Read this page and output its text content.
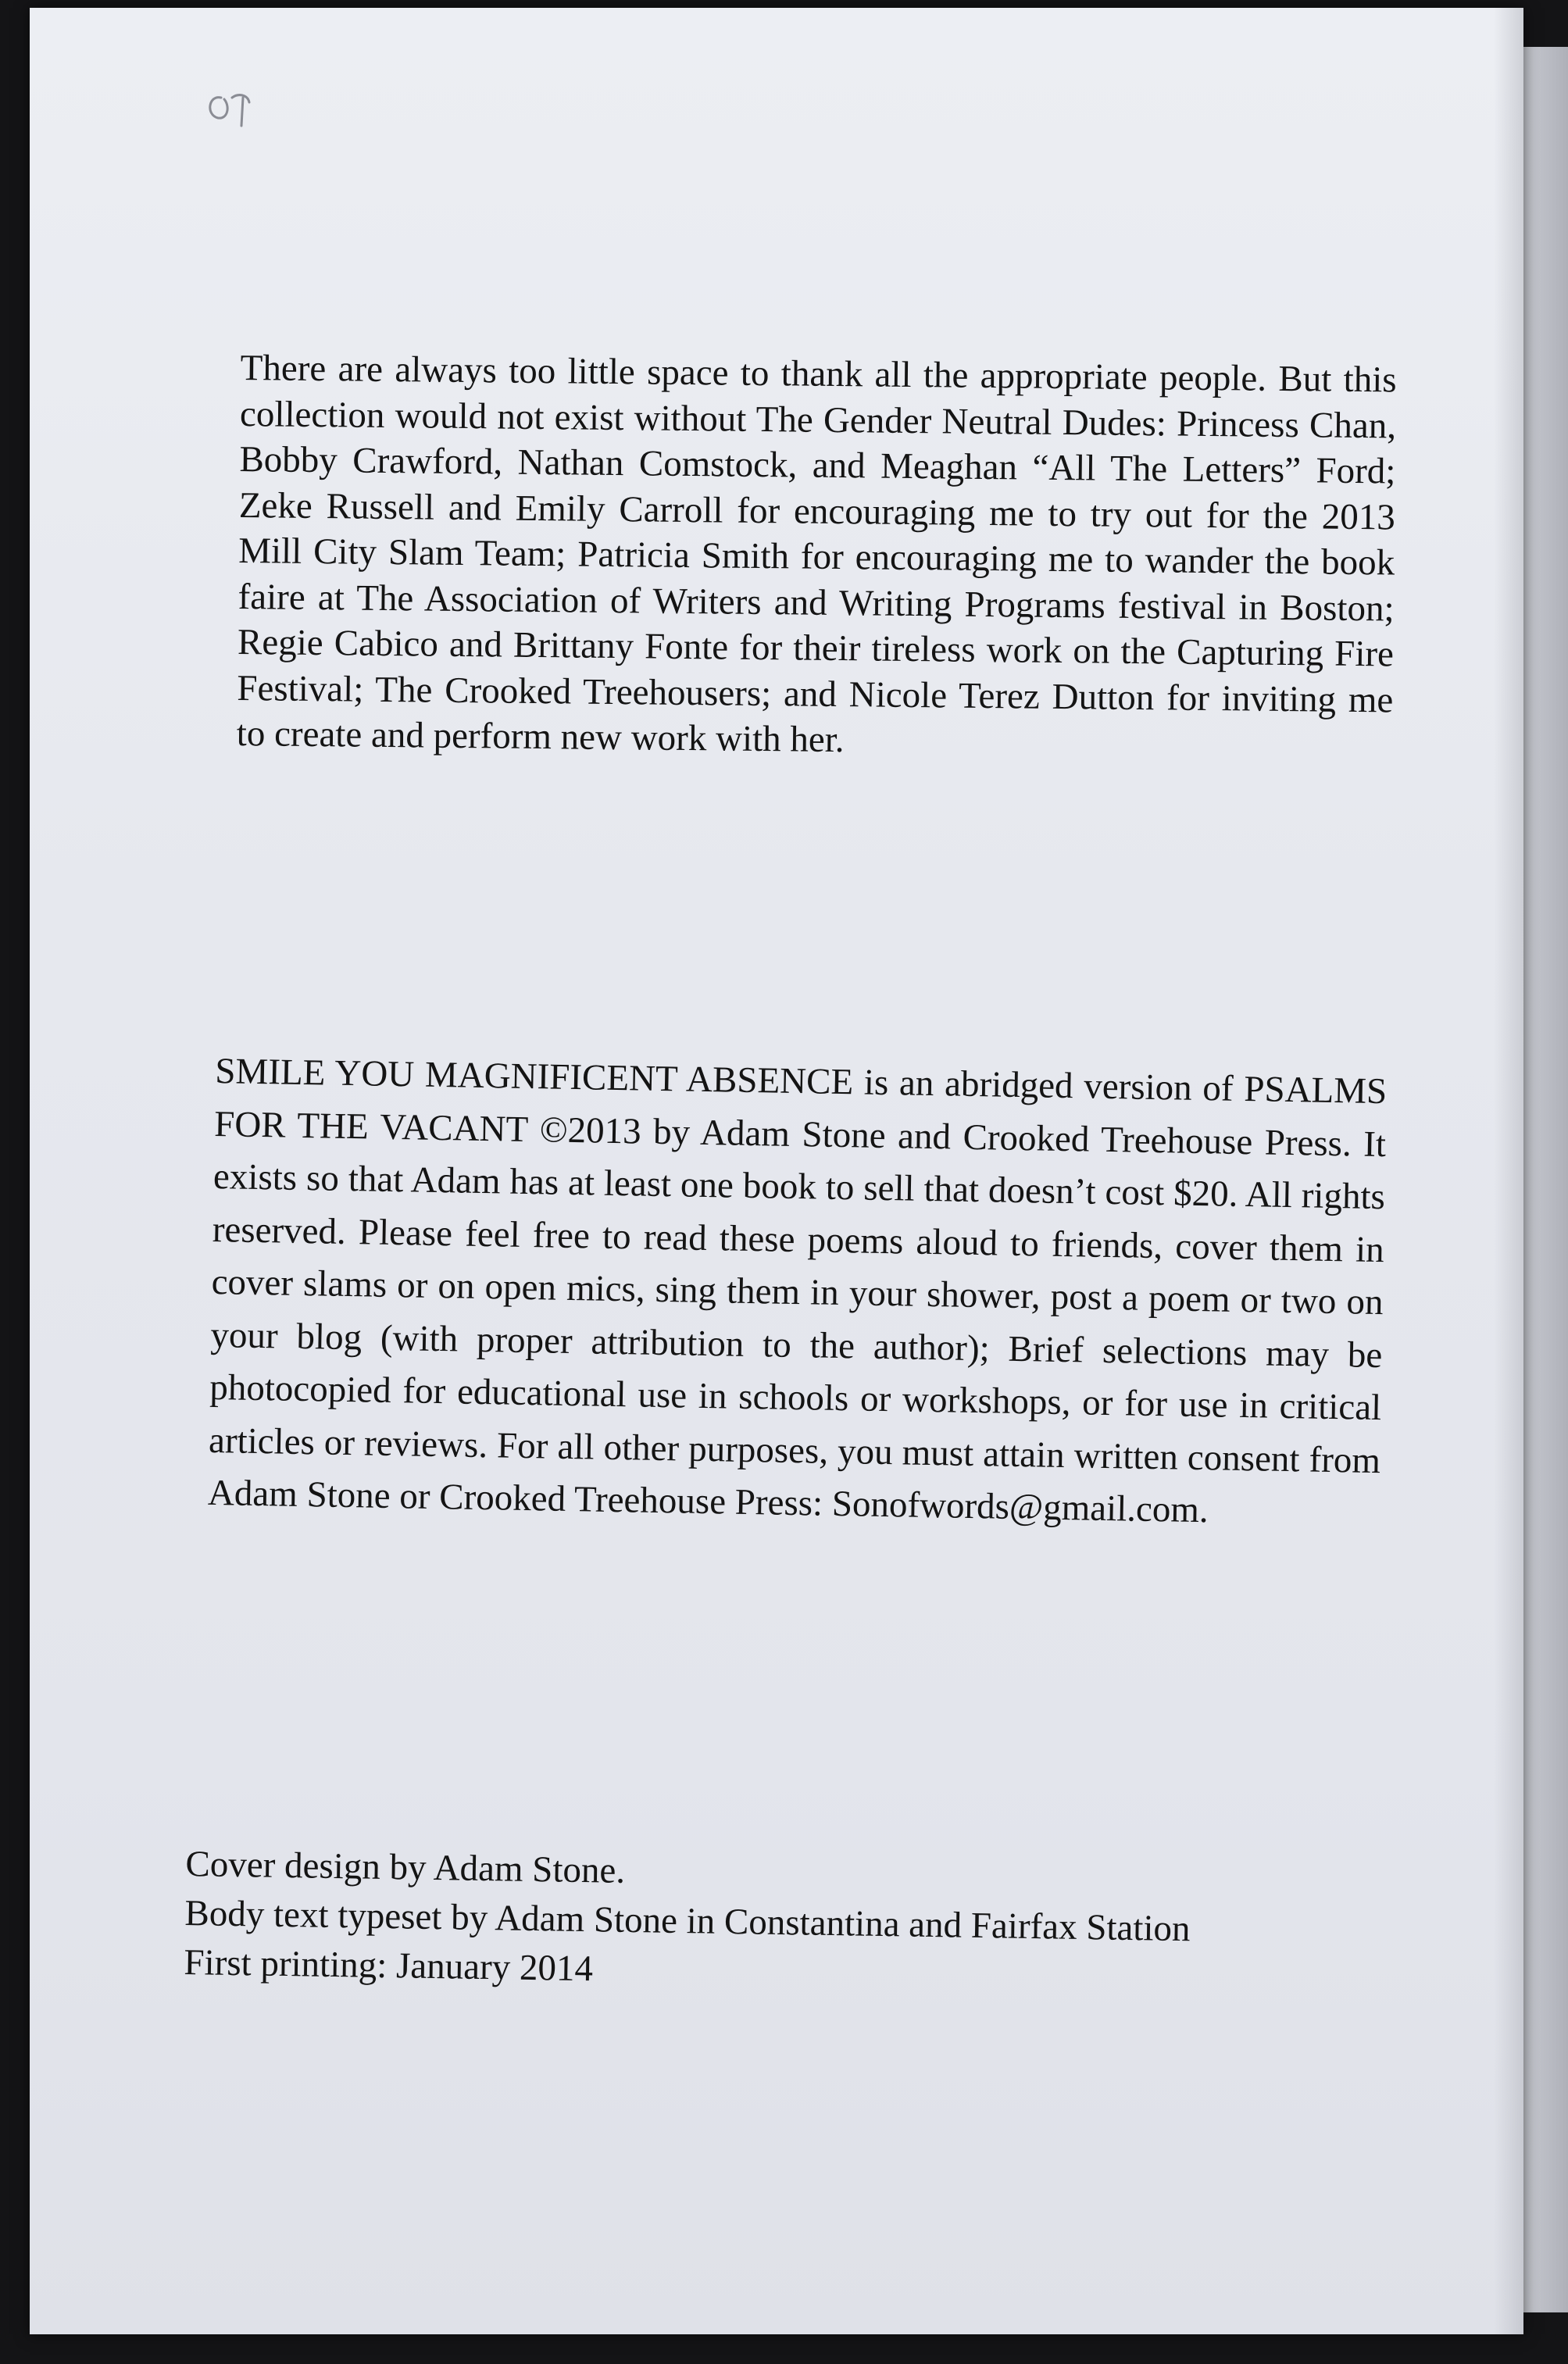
There are always too little space to thank all the appropriate people. But this collection would not exist without The Gender Neutral Dudes: Princess Chan, Bobby Crawford, Nathan Comstock, and Meaghan “All The Letters” Ford; Zeke Russell and Emily Carroll for encouraging me to try out for the 2013 Mill City Slam Team; Patricia Smith for encouraging me to wander the book faire at The Association of Writers and Writing Programs festival in Boston; Regie Cabico and Brittany Fonte for their tireless work on the Capturing Fire Festival; The Crooked Treehousers; and Nicole Terez Dutton for inviting me to create and perform new work with her.
SMILE YOU MAGNIFICENT ABSENCE is an abridged version of PSALMS FOR THE VACANT ©2013 by Adam Stone and Crooked Treehouse Press. It exists so that Adam has at least one book to sell that doesn’t cost $20. All rights reserved. Please feel free to read these poems aloud to friends, cover them in cover slams or on open mics, sing them in your shower, post a poem or two on your blog (with proper attribution to the author); Brief selections may be photocopied for educational use in schools or workshops, or for use in critical articles or reviews. For all other purposes, you must attain written consent from Adam Stone or Crooked Treehouse Press: Sonofwords@gmail.com.
Cover design by Adam Stone.
Body text typeset by Adam Stone in Constantina and Fairfax Station
First printing: January 2014
